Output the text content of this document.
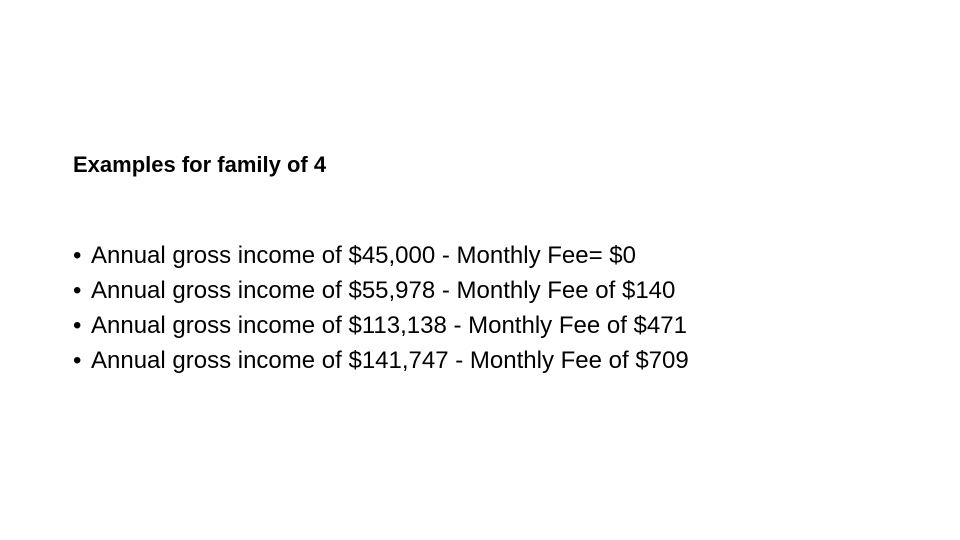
Examples for family of 4
• Annual gross income of $45,000 - Monthly Fee= $0
• Annual gross income of $55,978 - Monthly Fee of $140
• Annual gross income of $113,138 - Monthly Fee of $471
• Annual gross income of $141,747 - Monthly Fee of $709
